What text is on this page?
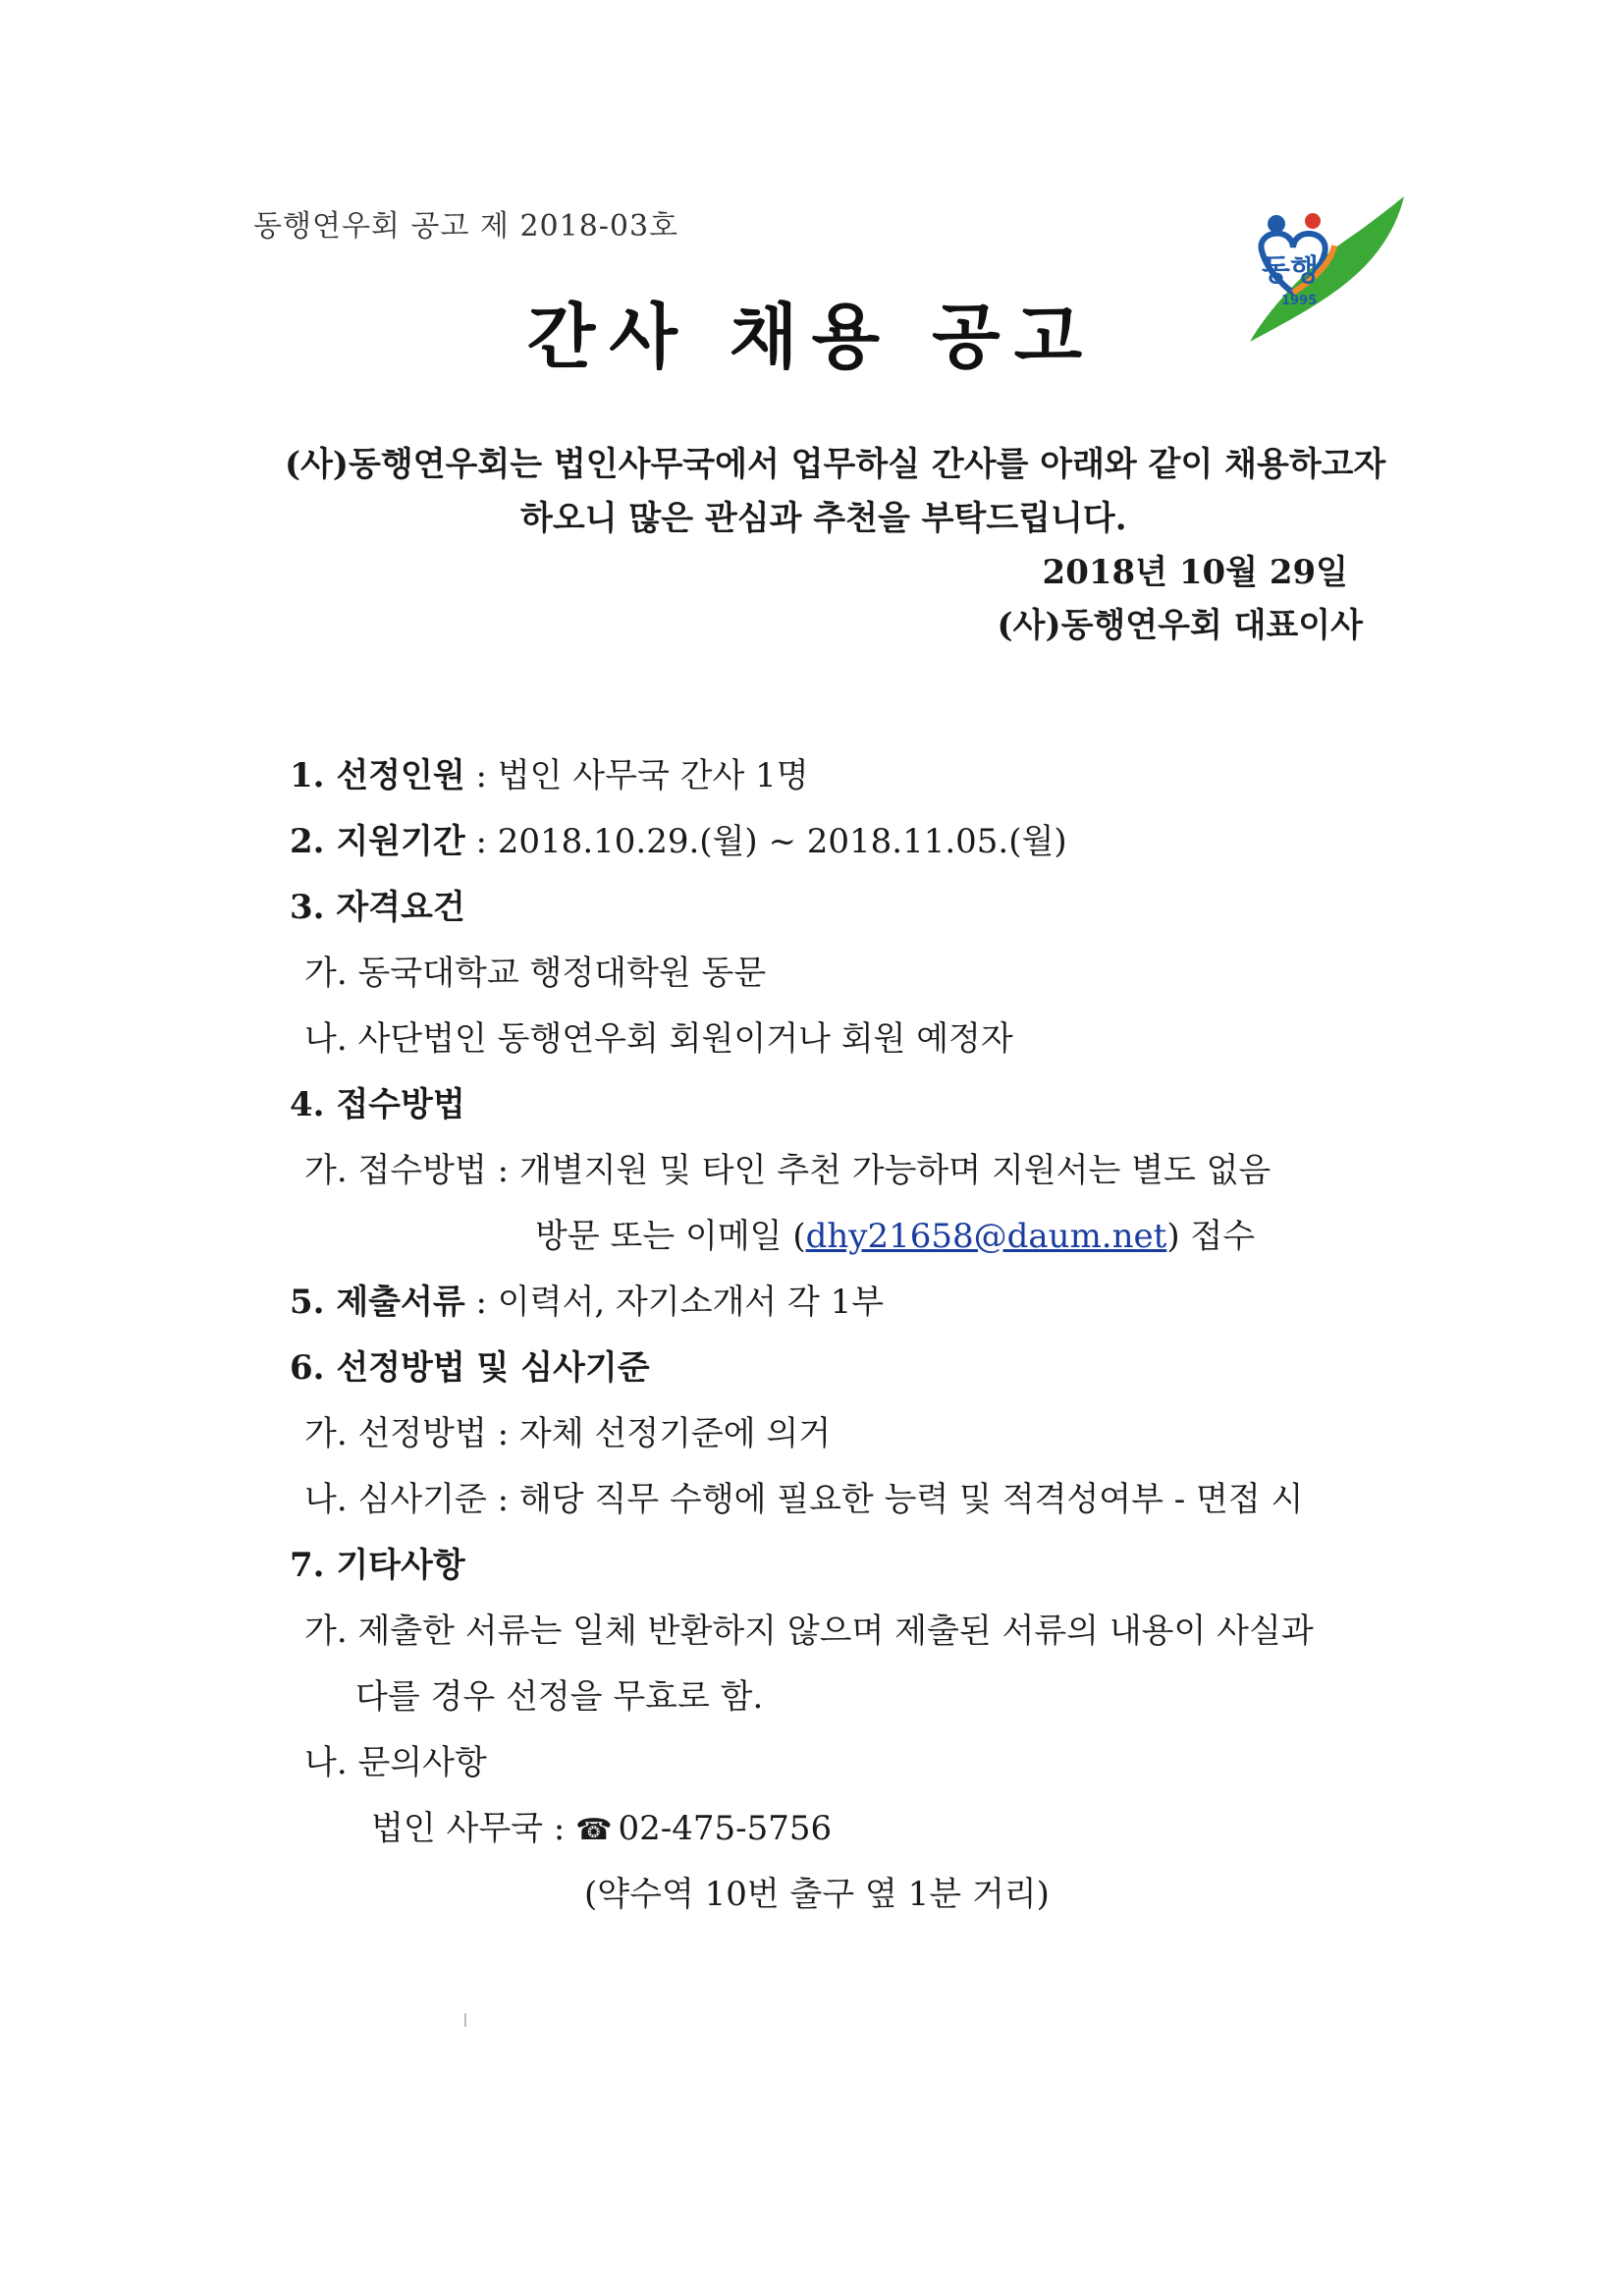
동행연우회 공고 제 2018-03호
동행
1995
간사 채용 공고
(사)동행연우회는 법인사무국에서 업무하실 간사를 아래와 같이 채용하고자
하오니 많은 관심과 추천을 부탁드립니다.
2018년 10월 29일
(사)동행연우회 대표이사
1. 선정인원 : 법인 사무국 간사 1명
2. 지원기간 : 2018.10.29.(월) ~ 2018.11.05.(월)
3. 자격요건
가. 동국대학교 행정대학원 동문
나. 사단법인 동행연우회 회원이거나 회원 예정자
4. 접수방법
가. 접수방법 : 개별지원 및 타인 추천 가능하며 지원서는 별도 없음
방문 또는 이메일 (dhy21658@daum.net) 접수
5. 제출서류 : 이력서, 자기소개서 각 1부
6. 선정방법 및 심사기준
가. 선정방법 : 자체 선정기준에 의거
나. 심사기준 : 해당 직무 수행에 필요한 능력 및 적격성여부 - 면접 시
7. 기타사항
가. 제출한 서류는 일체 반환하지 않으며 제출된 서류의 내용이 사실과
다를 경우 선정을 무효로 함.
나. 문의사항
법인 사무국 : ☎ 02-475-5756
(약수역 10번 출구 옆 1분 거리)
